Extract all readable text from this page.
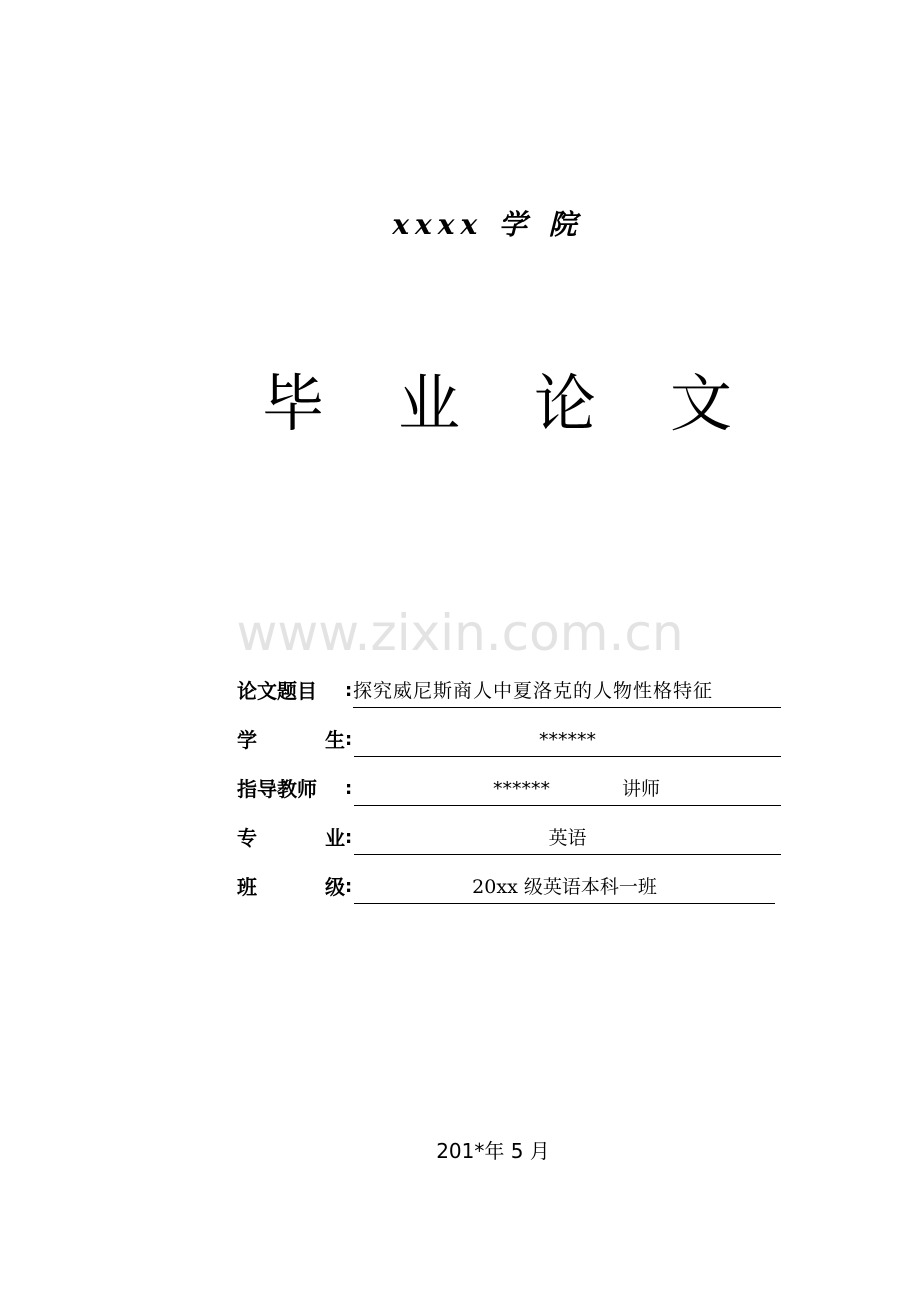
xxxx 学 院
毕 业 论 文
www.zixin.com.cn
论文题目 : 探究威尼斯商人中夏洛克的人物性格特征
学	生 :	******
指导教师 :	******	讲师
专	业 :	英语
班	级 :	20xx 级英语本科一班
201*年 5 月
